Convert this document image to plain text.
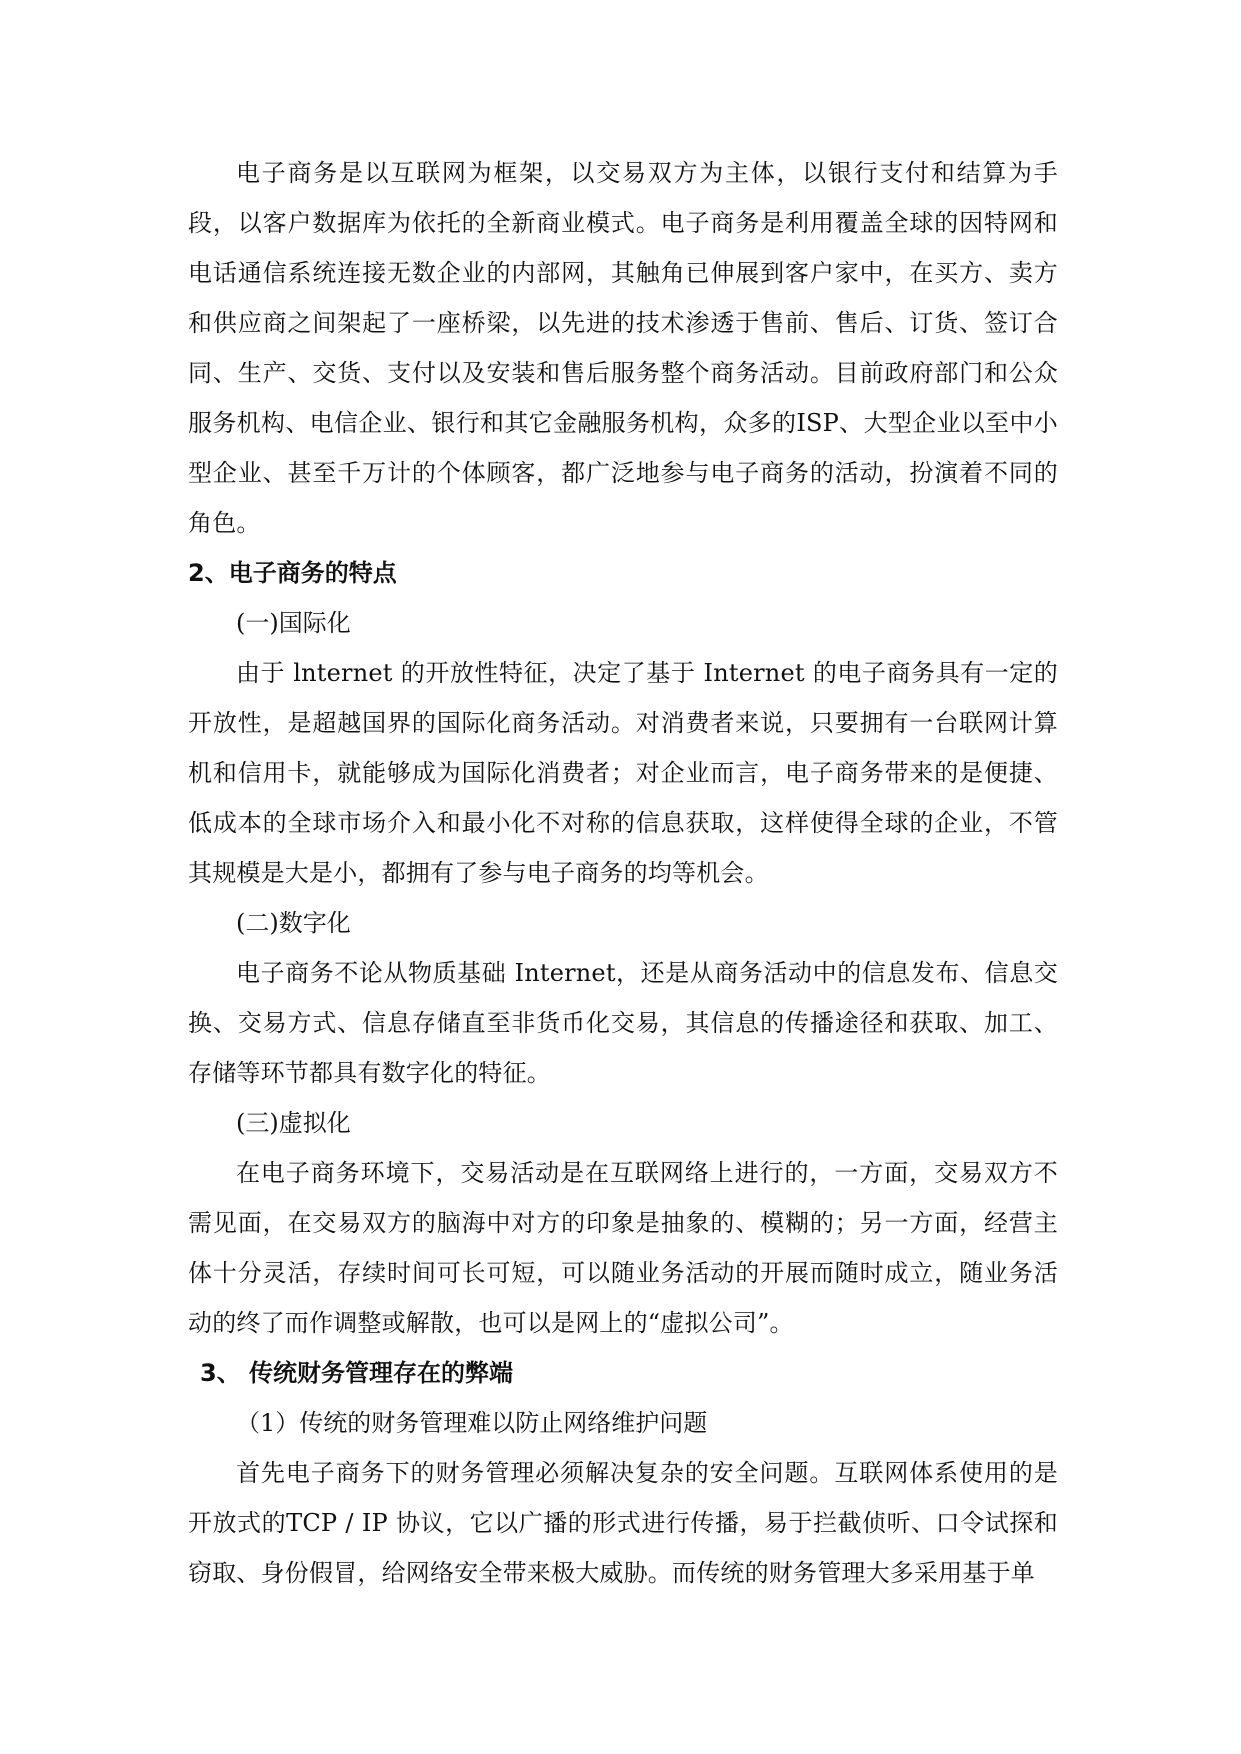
电子商务是以互联网为框架，以交易双方为主体，以银行支付和结算为手段，以客户数据库为依托的全新商业模式。电子商务是利用覆盖全球的因特网和电话通信系统连接无数企业的内部网，其触角已伸展到客户家中，在买方、卖方和供应商之间架起了一座桥梁，以先进的技术渗透于售前、售后、订货、签订合同、生产、交货、支付以及安装和售后服务整个商务活动。目前政府部门和公众服务机构、电信企业、银行和其它金融服务机构，众多的ISP、大型企业以至中小型企业、甚至千万计的个体顾客，都广泛地参与电子商务的活动，扮演着不同的角色。

2、电子商务的特点

(一)国际化

由于 lnternet 的开放性特征，决定了基于 Internet 的电子商务具有一定的开放性，是超越国界的国际化商务活动。对消费者来说，只要拥有一台联网计算机和信用卡，就能够成为国际化消费者；对企业而言，电子商务带来的是便捷、低成本的全球市场介入和最小化不对称的信息获取，这样使得全球的企业，不管其规模是大是小，都拥有了参与电子商务的均等机会。

(二)数字化

电子商务不论从物质基础 Internet，还是从商务活动中的信息发布、信息交换、交易方式、信息存储直至非货币化交易，其信息的传播途径和获取、加工、存储等环节都具有数字化的特征。

(三)虚拟化

在电子商务环境下，交易活动是在互联网络上进行的，一方面，交易双方不需见面，在交易双方的脑海中对方的印象是抽象的、模糊的；另一方面，经营主体十分灵活，存续时间可长可短，可以随业务活动的开展而随时成立，随业务活动的终了而作调整或解散，也可以是网上的“虚拟公司”。

3、 传统财务管理存在的弊端

（1）传统的财务管理难以防止网络维护问题

首先电子商务下的财务管理必须解决复杂的安全问题。互联网体系使用的是开放式的TCP / IP 协议，它以广播的形式进行传播，易于拦截侦听、口令试探和窃取、身份假冒，给网络安全带来极大威胁。而传统的财务管理大多采用基于单
